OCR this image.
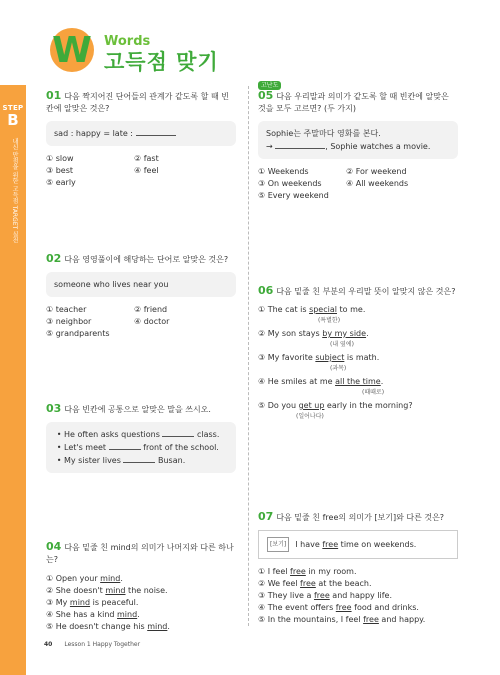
STEP
B
내신 만점을 위한 고득점 TARGET 실전
W Words
고득점 맞기
01 다음 짝지어진 단어들의 관계가 같도록 할 때 빈칸에 알맞은 것은?
sad : happy = late :
① slow	② fast
③ best	④ feel
⑤ early
02 다음 영영풀이에 해당하는 단어로 알맞은 것은?
someone who lives near you
① teacher	② friend
③ neighbor	④ doctor
⑤ grandparents
03 다음 빈칸에 공통으로 알맞은 말을 쓰시오.
• He often asks questions	class.
• Let's meet	front of the school.
• My sister lives	Busan.
04 다음 밑줄 친 mind의 의미가 나머지와 다른 하나는?
① Open your mind.
② She doesn't mind the noise.
③ My mind is peaceful.
④ She has a kind mind.
⑤ He doesn't change his mind.
고난도
05 다음 우리말과 의미가 같도록 할 때 빈칸에 알맞은 것을 모두 고르면? (두 가지)
Sophie는 주말마다 영화를 본다.
→	, Sophie watches a movie.
① Weekends	② For weekend
③ On weekends	④ All weekends
⑤ Every weekend
06 다음 밑줄 친 부분의 우리말 뜻이 알맞지 않은 것은?
① The cat is special to me.
(특별한)
② My son stays by my side.
(내 옆에)
③ My favorite subject is math.
(과목)
④ He smiles at me all the time.
(때때로)
⑤ Do you get up early in the morning?
(일어나다)
07 다음 밑줄 친 free의 의미가 [보기]와 다른 것은?
[보기] I have free time on weekends.
① I feel free in my room.
② We feel free at the beach.
③ They live a free and happy life.
④ The event offers free food and drinks.
⑤ In the mountains, I feel free and happy.
40 Lesson 1 Happy Together
